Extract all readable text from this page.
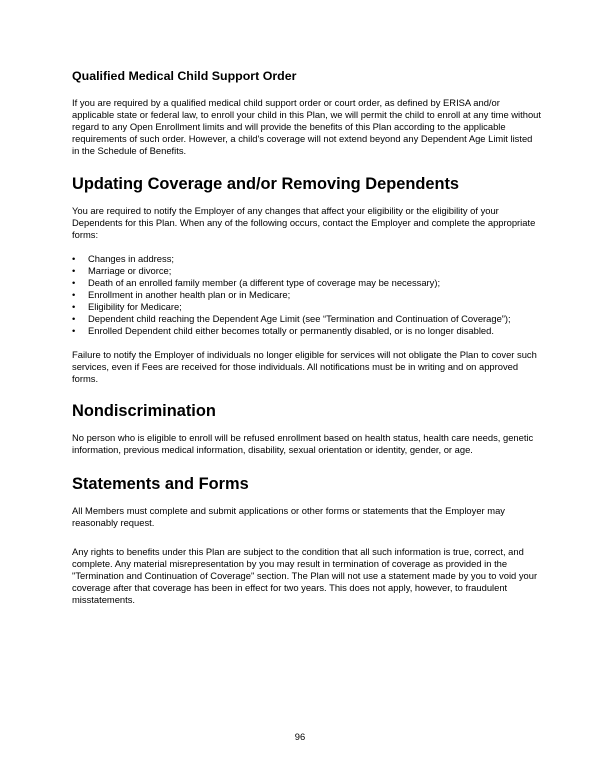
Qualified Medical Child Support Order

If you are required by a qualified medical child support order or court order, as defined by ERISA and/or applicable state or federal law, to enroll your child in this Plan, we will permit the child to enroll at any time without regard to any Open Enrollment limits and will provide the benefits of this Plan according to the applicable requirements of such order. However, a child's coverage will not extend beyond any Dependent Age Limit listed in the Schedule of Benefits.

Updating Coverage and/or Removing Dependents

You are required to notify the Employer of any changes that affect your eligibility or the eligibility of your Dependents for this Plan. When any of the following occurs, contact the Employer and complete the appropriate forms:

• Changes in address;
• Marriage or divorce;
• Death of an enrolled family member (a different type of coverage may be necessary);
• Enrollment in another health plan or in Medicare;
• Eligibility for Medicare;
• Dependent child reaching the Dependent Age Limit (see “Termination and Continuation of Coverage”);
• Enrolled Dependent child either becomes totally or permanently disabled, or is no longer disabled.

Failure to notify the Employer of individuals no longer eligible for services will not obligate the Plan to cover such services, even if Fees are received for those individuals. All notifications must be in writing and on approved forms.

Nondiscrimination

No person who is eligible to enroll will be refused enrollment based on health status, health care needs, genetic information, previous medical information, disability, sexual orientation or identity, gender, or age.

Statements and Forms

All Members must complete and submit applications or other forms or statements that the Employer may reasonably request.

Any rights to benefits under this Plan are subject to the condition that all such information is true, correct, and complete. Any material misrepresentation by you may result in termination of coverage as provided in the "Termination and Continuation of Coverage" section. The Plan will not use a statement made by you to void your coverage after that coverage has been in effect for two years. This does not apply, however, to fraudulent misstatements.

96
